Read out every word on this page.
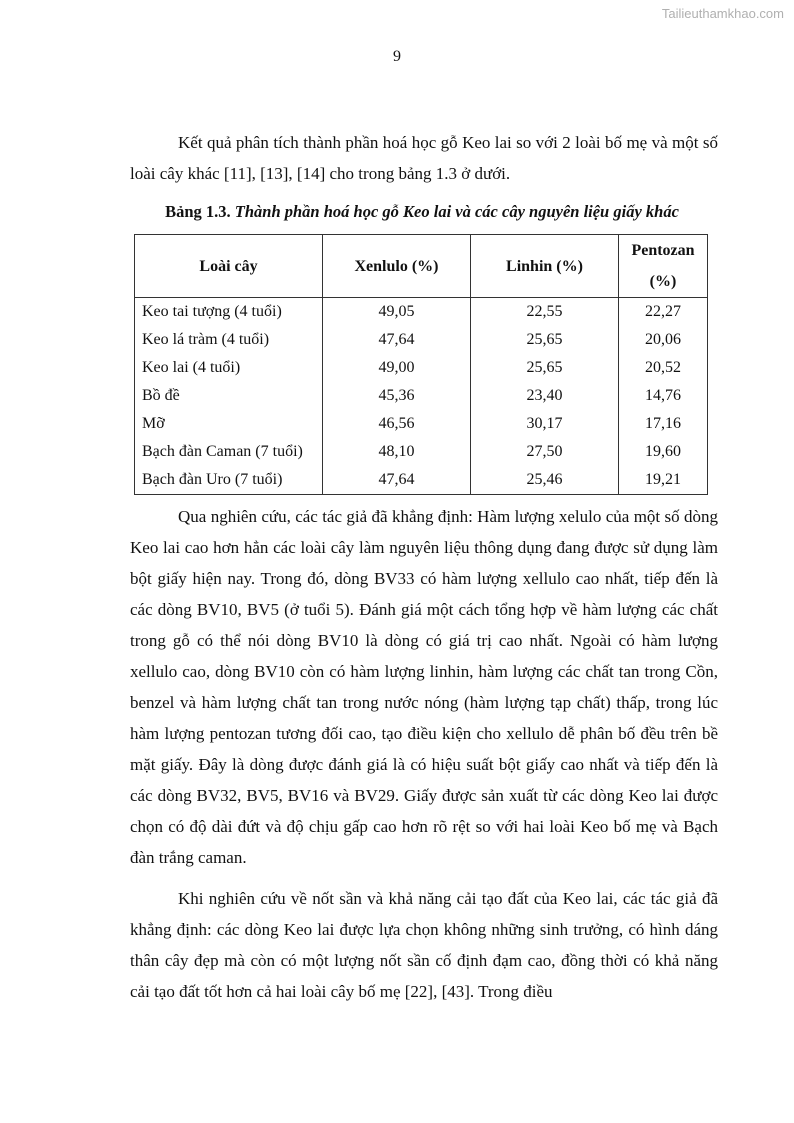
Tailieuthamkhao.com
9

Kết quả phân tích thành phần hoá học gỗ Keo lai so với 2 loài bố mẹ và một số loài cây khác [11], [13], [14] cho trong bảng 1.3 ở dưới.

Bảng 1.3. Thành phần hoá học gỗ Keo lai và các cây nguyên liệu giấy khác
Loài cây	Xenlulo (%)	Linhin (%)	Pentozan (%)
Keo tai tượng (4 tuổi)	49,05	22,55	22,27
Keo lá tràm (4 tuổi)	47,64	25,65	20,06
Keo lai (4 tuổi)	49,00	25,65	20,52
Bồ đề	45,36	23,40	14,76
Mỡ	46,56	30,17	17,16
Bạch đàn Caman (7 tuổi)	48,10	27,50	19,60
Bạch đàn Uro (7 tuổi)	47,64	25,46	19,21

Qua nghiên cứu, các tác giả đã khẳng định: Hàm lượng xelulo của một số dòng Keo lai cao hơn hẳn các loài cây làm nguyên liệu thông dụng đang được sử dụng làm bột giấy hiện nay. Trong đó, dòng BV33 có hàm lượng xellulo cao nhất, tiếp đến là các dòng BV10, BV5 (ở tuổi 5). Đánh giá một cách tổng hợp về hàm lượng các chất trong gỗ có thể nói dòng BV10 là dòng có giá trị cao nhất. Ngoài có hàm lượng xellulo cao, dòng BV10 còn có hàm lượng linhin, hàm lượng các chất tan trong Cồn, benzel và hàm lượng chất tan trong nước nóng (hàm lượng tạp chất) thấp, trong lúc hàm lượng pentozan tương đối cao, tạo điều kiện cho xellulo dễ phân bố đều trên bề mặt giấy. Đây là dòng được đánh giá là có hiệu suất bột giấy cao nhất và tiếp đến là các dòng BV32, BV5, BV16 và BV29. Giấy được sản xuất từ các dòng Keo lai được chọn có độ dài đứt và độ chịu gấp cao hơn rõ rệt so với hai loài Keo bố mẹ và Bạch đàn trắng caman.

Khi nghiên cứu về nốt sần và khả năng cải tạo đất của Keo lai, các tác giả đã khẳng định: các dòng Keo lai được lựa chọn không những sinh trưởng, có hình dáng thân cây đẹp mà còn có một lượng nốt sần cố định đạm cao, đồng thời có khả năng cải tạo đất tốt hơn cả hai loài cây bố mẹ [22], [43]. Trong điều
